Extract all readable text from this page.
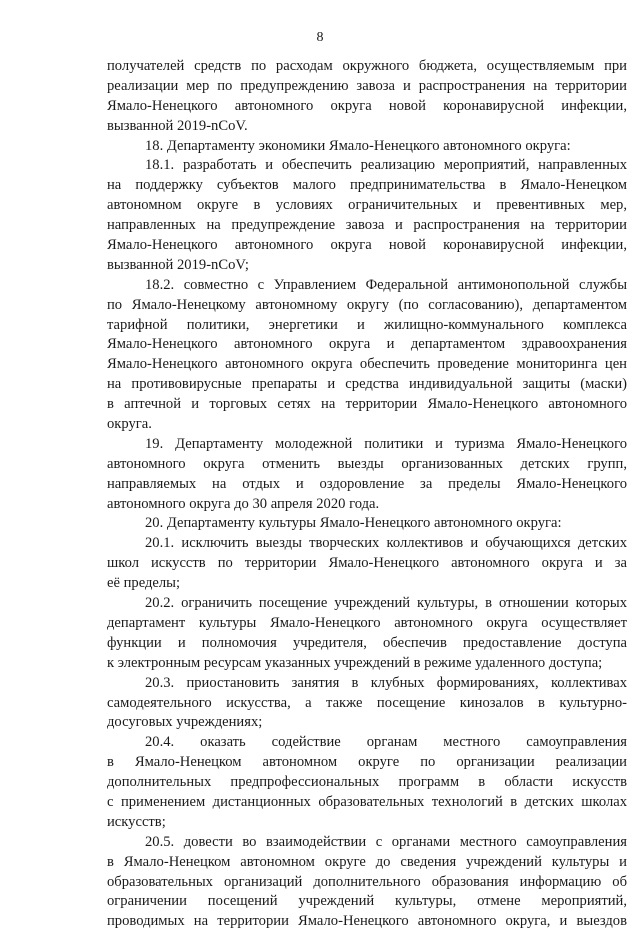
8
получателей средств по расходам окружного бюджета, осуществляемым при
реализации мер по предупреждению завоза и распространения на территории
Ямало-Ненецкого автономного округа новой коронавирусной инфекции,
вызванной 2019-nCoV.
18. Департаменту экономики Ямало-Ненецкого автономного округа:
18.1. разработать и обеспечить реализацию мероприятий, направленных
на поддержку субъектов малого предпринимательства в Ямало-Ненецком
автономном округе в условиях ограничительных и превентивных мер,
направленных на предупреждение завоза и распространения на территории
Ямало-Ненецкого автономного округа новой коронавирусной инфекции,
вызванной 2019-nCoV;
18.2. совместно с Управлением Федеральной антимонопольной службы
по Ямало-Ненецкому автономному округу (по согласованию), департаментом
тарифной политики, энергетики и жилищно-коммунального комплекса
Ямало-Ненецкого автономного округа и департаментом здравоохранения
Ямало-Ненецкого автономного округа обеспечить проведение мониторинга цен
на противовирусные препараты и средства индивидуальной защиты (маски)
в аптечной и торговых сетях на территории Ямало-Ненецкого автономного
округа.
19. Департаменту молодежной политики и туризма Ямало-Ненецкого
автономного округа отменить выезды организованных детских групп,
направляемых на отдых и оздоровление за пределы Ямало-Ненецкого
автономного округа до 30 апреля 2020 года.
20. Департаменту культуры Ямало-Ненецкого автономного округа:
20.1. исключить выезды творческих коллективов и обучающихся детских
школ искусств по территории Ямало-Ненецкого автономного округа и за
её пределы;
20.2. ограничить посещение учреждений культуры, в отношении которых
департамент культуры Ямало-Ненецкого автономного округа осуществляет
функции и полномочия учредителя, обеспечив предоставление доступа
к электронным ресурсам указанных учреждений в режиме удаленного доступа;
20.3. приостановить занятия в клубных формированиях, коллективах
самодеятельного искусства, а также посещение кинозалов в культурно-
досуговых учреждениях;
20.4. оказать содействие органам местного самоуправления
в Ямало-Ненецком автономном округе по организации реализации
дополнительных предпрофессиональных программ в области искусств
с применением дистанционных образовательных технологий в детских школах
искусств;
20.5. довести во взаимодействии с органами местного самоуправления
в Ямало-Ненецком автономном округе до сведения учреждений культуры и
образовательных организаций дополнительного образования информацию об
ограничении посещений учреждений культуры, отмене мероприятий,
проводимых на территории Ямало-Ненецкого автономного округа, и выездов
